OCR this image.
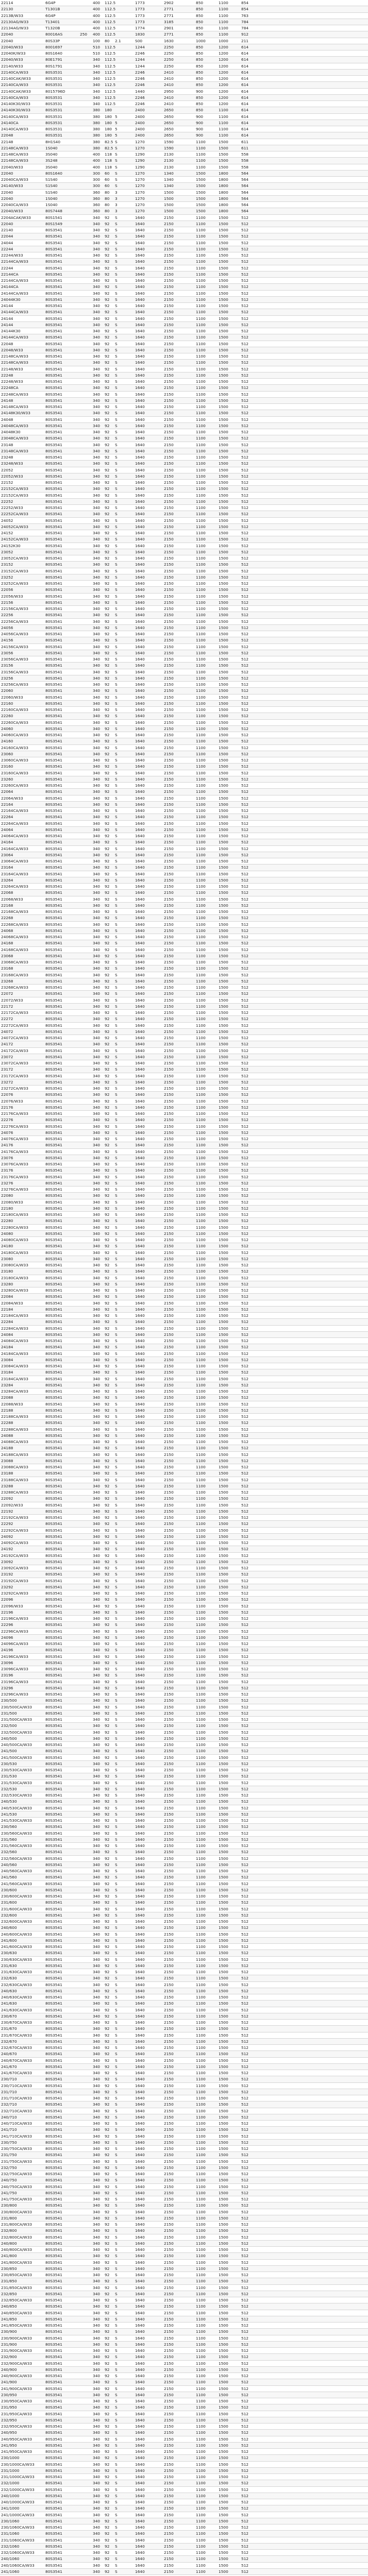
22114	6G4P	400	112.5	1773	2902	850	1100	854
22130	T1301B	400	112.5	1773	2771	850	1100	854
2213B/W33	6G4P	400	112.5	1773	2771	850	1100	763
22130AG/W33	T13401	400	112.5	1773	3185	850	1100	784
22134AG/W33	T1320B	400	112.5	1774	2901	850	1100	784
22040	80016AS	250	400	112.5	1830	2771	850	1100	912
22040	80S33P	100	80	2.1	S00	1630	1000	1000	211
22040/W33	8001697	510	112.5	1244	2250	850	1200	614
22040K/W33	80S1640	510	112.5	2246	2250	850	1200	614
22040/W33	80E1791	340	112.5	1244	2250	850	1200	614
22140/W33	80S1791	340	112.5	1244	2250	850	1200	614
22140CA/W33	80S3531	340	112.5	2246	2410	850	1200	614
22140CAK/W33	80S3531	340	112.5	2246	2410	850	1200	614
22140CA/W33	80S3531	340	112.5	2246	2410	850	1200	614
22140CAK/W33	8015796D	340	112.5	1440	2950	900	1200	614
22140CA/W33	80S3531	340	112.5	2246	2410	850	1200	614
24140K30/W33	80S3531	340	112.5	2246	2410	850	1200	614
24140K30/W33	80S3531	380	180	2400	2650	850	1100	614
24140CA/W33	80S3531	380	180 5	2400	2650	900	1100	614
24140CA	80S3531	380	180 5	2400	2650	900	1100	614
24140CA/W33	80S3531	380	180 5	2400	2650	900	1100	614
22048	80S3531	380	180 5	2400	2650	900	1100	614
22148	8H1S40	380	82.5 S	1270	1590	1100	1500	611
22148CA/W33	1S040	380	82.5 S	1270	1590	1100	1500	611
22148CA/W33	3S040	400	118 S	1290	2130	1100	1500	558
22148CA/W33	3S248	400	118 S	1290	2130	1100	1500	558
22040/W33	3S040	400	118 S	1290	2130	1100	1500	558
22040	80S1640	300	60	S	1270	1340	1500	1800	564
22040CA/W33	S1S40	300	60	S	1270	1340	1500	1800	564
24140/W33	S1S40	300	60	S	1270	1340	1500	1800	564
22040	S1S40	360	80	3	1270	1500	1500	1800	564
22040	1S040	360	80	3	1270	1500	1500	1800	564
22040CA/W33	1S040	360	80	3	1270	1500	1500	1800	564
22040/W33	80S7448	360	80	3	1270	1500	1500	1800	564
2204ACAK/W33	80S1541	340	92	S	1640	2150	1100	1500	512
22040	80S1549	340	92	S	1640	2150	1100	1500	512
22140	80S3541	340	92	S	1640	2150	1100	1500	512
22044	80S3541	340	92	S	1640	2150	1100	1500	512
24044	80S3541	340	92	S	1640	2150	1100	1500	512
22244	80S3541	340	92	S	1640	2150	1100	1500	512
22244/W33	80S3541	340	92	S	1640	2150	1100	1500	512
22144CA/W33	80S3541	340	92	S	1640	2150	1100	1500	512
22244	80S3541	340	92	S	1640	2150	1100	1500	512
22144CA	80S3541	340	92	S	1640	2150	1100	1500	512
22144CA/W33	80S3541	340	92	S	1640	2150	1100	1500	512
24144CA	80S3541	340	92	S	1640	2150	1100	1500	512
24144CA/W33	80S3541	340	92	S	1640	2150	1100	1500	512
24044K30	80S3541	340	92	S	1640	2150	1100	1500	512
24144	80S3541	340	92	S	1640	2150	1100	1500	512
24144CA/W33	80S3541	340	92	S	1640	2150	1100	1500	512
24144	80S3541	340	92	S	1640	2150	1100	1500	512
24144	80S3541	340	92	S	1640	2150	1100	1500	512
24144K30	80S3541	340	92	S	1640	2150	1100	1500	512
24144CA/W33	80S3541	340	92	S	1640	2150	1100	1500	512
22048	80S3541	340	92	S	1640	2150	1100	1500	512
22048/W33	80S3541	340	92	S	1640	2150	1100	1500	512
22148CA/W33	80S3541	340	92	S	1640	2150	1100	1500	512
22148CA/W33	80S3541	340	92	S	1640	2150	1100	1500	512
22148/W33	80S3541	340	92	S	1640	2150	1100	1500	512
22248	80S3541	340	92	S	1640	2150	1100	1500	512
22248/W33	80S3541	340	92	S	1640	2150	1100	1500	512
22248CA	80S3541	340	92	S	1640	2150	1100	1500	512
22248CA/W33	80S3541	340	92	S	1640	2150	1100	1500	512
24148	80S3541	340	92	S	1640	2150	1100	1500	512
24148CA/W33	80S3541	340	92	S	1640	2150	1100	1500	512
24148K30/W33	80S3541	340	92	S	1640	2150	1100	1500	512
24048	80S3541	340	92	S	1640	2150	1100	1500	512
24048CA/W33	80S3541	340	92	S	1640	2150	1100	1500	512
24048K30	80S3541	340	92	S	1640	2150	1100	1500	512
23048CA/W33	80S3541	340	92	S	1640	2150	1100	1500	512
23148	80S3541	340	92	S	1640	2150	1100	1500	512
23148CA/W33	80S3541	340	92	S	1640	2150	1100	1500	512
23248	80S3541	340	92	S	1640	2150	1100	1500	512
23248/W33	80S3541	340	92	S	1640	2150	1100	1500	512
22052	80S3541	340	92	S	1640	2150	1100	1500	512
22052/W33	80S3541	340	92	S	1640	2150	1100	1500	512
22152	80S3541	340	92	S	1640	2150	1100	1500	512
22152CA/W33	80S3541	340	92	S	1640	2150	1100	1500	512
22152CA/W33	80S3541	340	92	S	1640	2150	1100	1500	512
22252	80S3541	340	92	S	1640	2150	1100	1500	512
22252/W33	80S3541	340	92	S	1640	2150	1100	1500	512
22252CA/W33	80S3541	340	92	S	1640	2150	1100	1500	512
24052	80S3541	340	92	S	1640	2150	1100	1500	512
24052CA/W33	80S3541	340	92	S	1640	2150	1100	1500	512
24152	80S3541	340	92	S	1640	2150	1100	1500	512
24152CA/W33	80S3541	340	92	S	1640	2150	1100	1500	512
24152K30	80S3541	340	92	S	1640	2150	1100	1500	512
23052	80S3541	340	92	S	1640	2150	1100	1500	512
23052CA/W33	80S3541	340	92	S	1640	2150	1100	1500	512
23152	80S3541	340	92	S	1640	2150	1100	1500	512
23152CA/W33	80S3541	340	92	S	1640	2150	1100	1500	512
23252	80S3541	340	92	S	1640	2150	1100	1500	512
23252CA/W33	80S3541	340	92	S	1640	2150	1100	1500	512
22056	80S3541	340	92	S	1640	2150	1100	1500	512
22056/W33	80S3541	340	92	S	1640	2150	1100	1500	512
22156	80S3541	340	92	S	1640	2150	1100	1500	512
22156CA/W33	80S3541	340	92	S	1640	2150	1100	1500	512
22256	80S3541	340	92	S	1640	2150	1100	1500	512
22256CA/W33	80S3541	340	92	S	1640	2150	1100	1500	512
24056	80S3541	340	92	S	1640	2150	1100	1500	512
24056CA/W33	80S3541	340	92	S	1640	2150	1100	1500	512
24156	80S3541	340	92	S	1640	2150	1100	1500	512
24156CA/W33	80S3541	340	92	S	1640	2150	1100	1500	512
23056	80S3541	340	92	S	1640	2150	1100	1500	512
23056CA/W33	80S3541	340	92	S	1640	2150	1100	1500	512
23156	80S3541	340	92	S	1640	2150	1100	1500	512
23156CA/W33	80S3541	340	92	S	1640	2150	1100	1500	512
23256	80S3541	340	92	S	1640	2150	1100	1500	512
23256CA/W33	80S3541	340	92	S	1640	2150	1100	1500	512
22060	80S3541	340	92	S	1640	2150	1100	1500	512
22060/W33	80S3541	340	92	S	1640	2150	1100	1500	512
22160	80S3541	340	92	S	1640	2150	1100	1500	512
22160CA/W33	80S3541	340	92	S	1640	2150	1100	1500	512
22260	80S3541	340	92	S	1640	2150	1100	1500	512
22260CA/W33	80S3541	340	92	S	1640	2150	1100	1500	512
24060	80S3541	340	92	S	1640	2150	1100	1500	512
24060CA/W33	80S3541	340	92	S	1640	2150	1100	1500	512
24160	80S3541	340	92	S	1640	2150	1100	1500	512
24160CA/W33	80S3541	340	92	S	1640	2150	1100	1500	512
23060	80S3541	340	92	S	1640	2150	1100	1500	512
23060CA/W33	80S3541	340	92	S	1640	2150	1100	1500	512
23160	80S3541	340	92	S	1640	2150	1100	1500	512
23160CA/W33	80S3541	340	92	S	1640	2150	1100	1500	512
23260	80S3541	340	92	S	1640	2150	1100	1500	512
23260CA/W33	80S3541	340	92	S	1640	2150	1100	1500	512
22064	80S3541	340	92	S	1640	2150	1100	1500	512
22064/W33	80S3541	340	92	S	1640	2150	1100	1500	512
22164	80S3541	340	92	S	1640	2150	1100	1500	512
22164CA/W33	80S3541	340	92	S	1640	2150	1100	1500	512
22264	80S3541	340	92	S	1640	2150	1100	1500	512
22264CA/W33	80S3541	340	92	S	1640	2150	1100	1500	512
24064	80S3541	340	92	S	1640	2150	1100	1500	512
24064CA/W33	80S3541	340	92	S	1640	2150	1100	1500	512
24164	80S3541	340	92	S	1640	2150	1100	1500	512
24164CA/W33	80S3541	340	92	S	1640	2150	1100	1500	512
23064	80S3541	340	92	S	1640	2150	1100	1500	512
23064CA/W33	80S3541	340	92	S	1640	2150	1100	1500	512
23164	80S3541	340	92	S	1640	2150	1100	1500	512
23164CA/W33	80S3541	340	92	S	1640	2150	1100	1500	512
23264	80S3541	340	92	S	1640	2150	1100	1500	512
23264CA/W33	80S3541	340	92	S	1640	2150	1100	1500	512
22068	80S3541	340	92	S	1640	2150	1100	1500	512
22068/W33	80S3541	340	92	S	1640	2150	1100	1500	512
22168	80S3541	340	92	S	1640	2150	1100	1500	512
22168CA/W33	80S3541	340	92	S	1640	2150	1100	1500	512
22268	80S3541	340	92	S	1640	2150	1100	1500	512
22268CA/W33	80S3541	340	92	S	1640	2150	1100	1500	512
24068	80S3541	340	92	S	1640	2150	1100	1500	512
24068CA/W33	80S3541	340	92	S	1640	2150	1100	1500	512
24168	80S3541	340	92	S	1640	2150	1100	1500	512
24168CA/W33	80S3541	340	92	S	1640	2150	1100	1500	512
23068	80S3541	340	92	S	1640	2150	1100	1500	512
23068CA/W33	80S3541	340	92	S	1640	2150	1100	1500	512
23168	80S3541	340	92	S	1640	2150	1100	1500	512
23168CA/W33	80S3541	340	92	S	1640	2150	1100	1500	512
23268	80S3541	340	92	S	1640	2150	1100	1500	512
23268CA/W33	80S3541	340	92	S	1640	2150	1100	1500	512
22072	80S3541	340	92	S	1640	2150	1100	1500	512
22072/W33	80S3541	340	92	S	1640	2150	1100	1500	512
22172	80S3541	340	92	S	1640	2150	1100	1500	512
22172CA/W33	80S3541	340	92	S	1640	2150	1100	1500	512
22272	80S3541	340	92	S	1640	2150	1100	1500	512
22272CA/W33	80S3541	340	92	S	1640	2150	1100	1500	512
24072	80S3541	340	92	S	1640	2150	1100	1500	512
24072CA/W33	80S3541	340	92	S	1640	2150	1100	1500	512
24172	80S3541	340	92	S	1640	2150	1100	1500	512
24172CA/W33	80S3541	340	92	S	1640	2150	1100	1500	512
23072	80S3541	340	92	S	1640	2150	1100	1500	512
23072CA/W33	80S3541	340	92	S	1640	2150	1100	1500	512
23172	80S3541	340	92	S	1640	2150	1100	1500	512
23172CA/W33	80S3541	340	92	S	1640	2150	1100	1500	512
23272	80S3541	340	92	S	1640	2150	1100	1500	512
23272CA/W33	80S3541	340	92	S	1640	2150	1100	1500	512
22076	80S3541	340	92	S	1640	2150	1100	1500	512
22076/W33	80S3541	340	92	S	1640	2150	1100	1500	512
22176	80S3541	340	92	S	1640	2150	1100	1500	512
22176CA/W33	80S3541	340	92	S	1640	2150	1100	1500	512
22276	80S3541	340	92	S	1640	2150	1100	1500	512
22276CA/W33	80S3541	340	92	S	1640	2150	1100	1500	512
24076	80S3541	340	92	S	1640	2150	1100	1500	512
24076CA/W33	80S3541	340	92	S	1640	2150	1100	1500	512
24176	80S3541	340	92	S	1640	2150	1100	1500	512
24176CA/W33	80S3541	340	92	S	1640	2150	1100	1500	512
23076	80S3541	340	92	S	1640	2150	1100	1500	512
23076CA/W33	80S3541	340	92	S	1640	2150	1100	1500	512
23176	80S3541	340	92	S	1640	2150	1100	1500	512
23176CA/W33	80S3541	340	92	S	1640	2150	1100	1500	512
23276	80S3541	340	92	S	1640	2150	1100	1500	512
23276CA/W33	80S3541	340	92	S	1640	2150	1100	1500	512
22080	80S3541	340	92	S	1640	2150	1100	1500	512
22080/W33	80S3541	340	92	S	1640	2150	1100	1500	512
22180	80S3541	340	92	S	1640	2150	1100	1500	512
22180CA/W33	80S3541	340	92	S	1640	2150	1100	1500	512
22280	80S3541	340	92	S	1640	2150	1100	1500	512
22280CA/W33	80S3541	340	92	S	1640	2150	1100	1500	512
24080	80S3541	340	92	S	1640	2150	1100	1500	512
24080CA/W33	80S3541	340	92	S	1640	2150	1100	1500	512
24180	80S3541	340	92	S	1640	2150	1100	1500	512
24180CA/W33	80S3541	340	92	S	1640	2150	1100	1500	512
23080	80S3541	340	92	S	1640	2150	1100	1500	512
23080CA/W33	80S3541	340	92	S	1640	2150	1100	1500	512
23180	80S3541	340	92	S	1640	2150	1100	1500	512
23180CA/W33	80S3541	340	92	S	1640	2150	1100	1500	512
23280	80S3541	340	92	S	1640	2150	1100	1500	512
23280CA/W33	80S3541	340	92	S	1640	2150	1100	1500	512
22084	80S3541	340	92	S	1640	2150	1100	1500	512
22084/W33	80S3541	340	92	S	1640	2150	1100	1500	512
22184	80S3541	340	92	S	1640	2150	1100	1500	512
22184CA/W33	80S3541	340	92	S	1640	2150	1100	1500	512
22284	80S3541	340	92	S	1640	2150	1100	1500	512
22284CA/W33	80S3541	340	92	S	1640	2150	1100	1500	512
24084	80S3541	340	92	S	1640	2150	1100	1500	512
24084CA/W33	80S3541	340	92	S	1640	2150	1100	1500	512
24184	80S3541	340	92	S	1640	2150	1100	1500	512
24184CA/W33	80S3541	340	92	S	1640	2150	1100	1500	512
23084	80S3541	340	92	S	1640	2150	1100	1500	512
23084CA/W33	80S3541	340	92	S	1640	2150	1100	1500	512
23184	80S3541	340	92	S	1640	2150	1100	1500	512
23184CA/W33	80S3541	340	92	S	1640	2150	1100	1500	512
23284	80S3541	340	92	S	1640	2150	1100	1500	512
23284CA/W33	80S3541	340	92	S	1640	2150	1100	1500	512
22088	80S3541	340	92	S	1640	2150	1100	1500	512
22088/W33	80S3541	340	92	S	1640	2150	1100	1500	512
22188	80S3541	340	92	S	1640	2150	1100	1500	512
22188CA/W33	80S3541	340	92	S	1640	2150	1100	1500	512
22288	80S3541	340	92	S	1640	2150	1100	1500	512
22288CA/W33	80S3541	340	92	S	1640	2150	1100	1500	512
24088	80S3541	340	92	S	1640	2150	1100	1500	512
24088CA/W33	80S3541	340	92	S	1640	2150	1100	1500	512
24188	80S3541	340	92	S	1640	2150	1100	1500	512
24188CA/W33	80S3541	340	92	S	1640	2150	1100	1500	512
23088	80S3541	340	92	S	1640	2150	1100	1500	512
23088CA/W33	80S3541	340	92	S	1640	2150	1100	1500	512
23188	80S3541	340	92	S	1640	2150	1100	1500	512
23188CA/W33	80S3541	340	92	S	1640	2150	1100	1500	512
23288	80S3541	340	92	S	1640	2150	1100	1500	512
23288CA/W33	80S3541	340	92	S	1640	2150	1100	1500	512
22092	80S3541	340	92	S	1640	2150	1100	1500	512
22092/W33	80S3541	340	92	S	1640	2150	1100	1500	512
22192	80S3541	340	92	S	1640	2150	1100	1500	512
22192CA/W33	80S3541	340	92	S	1640	2150	1100	1500	512
22292	80S3541	340	92	S	1640	2150	1100	1500	512
22292CA/W33	80S3541	340	92	S	1640	2150	1100	1500	512
24092	80S3541	340	92	S	1640	2150	1100	1500	512
24092CA/W33	80S3541	340	92	S	1640	2150	1100	1500	512
24192	80S3541	340	92	S	1640	2150	1100	1500	512
24192CA/W33	80S3541	340	92	S	1640	2150	1100	1500	512
23092	80S3541	340	92	S	1640	2150	1100	1500	512
23092CA/W33	80S3541	340	92	S	1640	2150	1100	1500	512
23192	80S3541	340	92	S	1640	2150	1100	1500	512
23192CA/W33	80S3541	340	92	S	1640	2150	1100	1500	512
23292	80S3541	340	92	S	1640	2150	1100	1500	512
23292CA/W33	80S3541	340	92	S	1640	2150	1100	1500	512
22096	80S3541	340	92	S	1640	2150	1100	1500	512
22096/W33	80S3541	340	92	S	1640	2150	1100	1500	512
22196	80S3541	340	92	S	1640	2150	1100	1500	512
22196CA/W33	80S3541	340	92	S	1640	2150	1100	1500	512
22296	80S3541	340	92	S	1640	2150	1100	1500	512
22296CA/W33	80S3541	340	92	S	1640	2150	1100	1500	512
24096	80S3541	340	92	S	1640	2150	1100	1500	512
24096CA/W33	80S3541	340	92	S	1640	2150	1100	1500	512
24196	80S3541	340	92	S	1640	2150	1100	1500	512
24196CA/W33	80S3541	340	92	S	1640	2150	1100	1500	512
23096	80S3541	340	92	S	1640	2150	1100	1500	512
23096CA/W33	80S3541	340	92	S	1640	2150	1100	1500	512
23196	80S3541	340	92	S	1640	2150	1100	1500	512
23196CA/W33	80S3541	340	92	S	1640	2150	1100	1500	512
23296	80S3541	340	92	S	1640	2150	1100	1500	512
23296CA/W33	80S3541	340	92	S	1640	2150	1100	1500	512
230/500	80S3541	340	92	S	1640	2150	1100	1500	512
230/500CA/W33	80S3541	340	92	S	1640	2150	1100	1500	512
231/500	80S3541	340	92	S	1640	2150	1100	1500	512
231/500CA/W33	80S3541	340	92	S	1640	2150	1100	1500	512
232/500	80S3541	340	92	S	1640	2150	1100	1500	512
232/500CA/W33	80S3541	340	92	S	1640	2150	1100	1500	512
240/500	80S3541	340	92	S	1640	2150	1100	1500	512
240/500CA/W33	80S3541	340	92	S	1640	2150	1100	1500	512
241/500	80S3541	340	92	S	1640	2150	1100	1500	512
241/500CA/W33	80S3541	340	92	S	1640	2150	1100	1500	512
230/530	80S3541	340	92	S	1640	2150	1100	1500	512
230/530CA/W33	80S3541	340	92	S	1640	2150	1100	1500	512
231/530	80S3541	340	92	S	1640	2150	1100	1500	512
231/530CA/W33	80S3541	340	92	S	1640	2150	1100	1500	512
232/530	80S3541	340	92	S	1640	2150	1100	1500	512
232/530CA/W33	80S3541	340	92	S	1640	2150	1100	1500	512
240/530	80S3541	340	92	S	1640	2150	1100	1500	512
240/530CA/W33	80S3541	340	92	S	1640	2150	1100	1500	512
241/530	80S3541	340	92	S	1640	2150	1100	1500	512
241/530CA/W33	80S3541	340	92	S	1640	2150	1100	1500	512
230/560	80S3541	340	92	S	1640	2150	1100	1500	512
230/560CA/W33	80S3541	340	92	S	1640	2150	1100	1500	512
231/560	80S3541	340	92	S	1640	2150	1100	1500	512
231/560CA/W33	80S3541	340	92	S	1640	2150	1100	1500	512
232/560	80S3541	340	92	S	1640	2150	1100	1500	512
232/560CA/W33	80S3541	340	92	S	1640	2150	1100	1500	512
240/560	80S3541	340	92	S	1640	2150	1100	1500	512
240/560CA/W33	80S3541	340	92	S	1640	2150	1100	1500	512
241/560	80S3541	340	92	S	1640	2150	1100	1500	512
241/560CA/W33	80S3541	340	92	S	1640	2150	1100	1500	512
230/600	80S3541	340	92	S	1640	2150	1100	1500	512
230/600CA/W33	80S3541	340	92	S	1640	2150	1100	1500	512
231/600	80S3541	340	92	S	1640	2150	1100	1500	512
231/600CA/W33	80S3541	340	92	S	1640	2150	1100	1500	512
232/600	80S3541	340	92	S	1640	2150	1100	1500	512
232/600CA/W33	80S3541	340	92	S	1640	2150	1100	1500	512
240/600	80S3541	340	92	S	1640	2150	1100	1500	512
240/600CA/W33	80S3541	340	92	S	1640	2150	1100	1500	512
241/600	80S3541	340	92	S	1640	2150	1100	1500	512
241/600CA/W33	80S3541	340	92	S	1640	2150	1100	1500	512
230/630	80S3541	340	92	S	1640	2150	1100	1500	512
230/630CA/W33	80S3541	340	92	S	1640	2150	1100	1500	512
231/630	80S3541	340	92	S	1640	2150	1100	1500	512
231/630CA/W33	80S3541	340	92	S	1640	2150	1100	1500	512
232/630	80S3541	340	92	S	1640	2150	1100	1500	512
232/630CA/W33	80S3541	340	92	S	1640	2150	1100	1500	512
240/630	80S3541	340	92	S	1640	2150	1100	1500	512
240/630CA/W33	80S3541	340	92	S	1640	2150	1100	1500	512
241/630	80S3541	340	92	S	1640	2150	1100	1500	512
241/630CA/W33	80S3541	340	92	S	1640	2150	1100	1500	512
230/670	80S3541	340	92	S	1640	2150	1100	1500	512
230/670CA/W33	80S3541	340	92	S	1640	2150	1100	1500	512
231/670	80S3541	340	92	S	1640	2150	1100	1500	512
231/670CA/W33	80S3541	340	92	S	1640	2150	1100	1500	512
232/670	80S3541	340	92	S	1640	2150	1100	1500	512
232/670CA/W33	80S3541	340	92	S	1640	2150	1100	1500	512
240/670	80S3541	340	92	S	1640	2150	1100	1500	512
240/670CA/W33	80S3541	340	92	S	1640	2150	1100	1500	512
241/670	80S3541	340	92	S	1640	2150	1100	1500	512
241/670CA/W33	80S3541	340	92	S	1640	2150	1100	1500	512
230/710	80S3541	340	92	S	1640	2150	1100	1500	512
230/710CA/W33	80S3541	340	92	S	1640	2150	1100	1500	512
231/710	80S3541	340	92	S	1640	2150	1100	1500	512
231/710CA/W33	80S3541	340	92	S	1640	2150	1100	1500	512
232/710	80S3541	340	92	S	1640	2150	1100	1500	512
232/710CA/W33	80S3541	340	92	S	1640	2150	1100	1500	512
240/710	80S3541	340	92	S	1640	2150	1100	1500	512
240/710CA/W33	80S3541	340	92	S	1640	2150	1100	1500	512
241/710	80S3541	340	92	S	1640	2150	1100	1500	512
241/710CA/W33	80S3541	340	92	S	1640	2150	1100	1500	512
230/750	80S3541	340	92	S	1640	2150	1100	1500	512
230/750CA/W33	80S3541	340	92	S	1640	2150	1100	1500	512
231/750	80S3541	340	92	S	1640	2150	1100	1500	512
231/750CA/W33	80S3541	340	92	S	1640	2150	1100	1500	512
232/750	80S3541	340	92	S	1640	2150	1100	1500	512
232/750CA/W33	80S3541	340	92	S	1640	2150	1100	1500	512
240/750	80S3541	340	92	S	1640	2150	1100	1500	512
240/750CA/W33	80S3541	340	92	S	1640	2150	1100	1500	512
241/750	80S3541	340	92	S	1640	2150	1100	1500	512
241/750CA/W33	80S3541	340	92	S	1640	2150	1100	1500	512
230/800	80S3541	340	92	S	1640	2150	1100	1500	512
230/800CA/W33	80S3541	340	92	S	1640	2150	1100	1500	512
231/800	80S3541	340	92	S	1640	2150	1100	1500	512
231/800CA/W33	80S3541	340	92	S	1640	2150	1100	1500	512
232/800	80S3541	340	92	S	1640	2150	1100	1500	512
232/800CA/W33	80S3541	340	92	S	1640	2150	1100	1500	512
240/800	80S3541	340	92	S	1640	2150	1100	1500	512
240/800CA/W33	80S3541	340	92	S	1640	2150	1100	1500	512
241/800	80S3541	340	92	S	1640	2150	1100	1500	512
241/800CA/W33	80S3541	340	92	S	1640	2150	1100	1500	512
230/850	80S3541	340	92	S	1640	2150	1100	1500	512
230/850CA/W33	80S3541	340	92	S	1640	2150	1100	1500	512
231/850	80S3541	340	92	S	1640	2150	1100	1500	512
231/850CA/W33	80S3541	340	92	S	1640	2150	1100	1500	512
232/850	80S3541	340	92	S	1640	2150	1100	1500	512
232/850CA/W33	80S3541	340	92	S	1640	2150	1100	1500	512
240/850	80S3541	340	92	S	1640	2150	1100	1500	512
240/850CA/W33	80S3541	340	92	S	1640	2150	1100	1500	512
241/850	80S3541	340	92	S	1640	2150	1100	1500	512
241/850CA/W33	80S3541	340	92	S	1640	2150	1100	1500	512
230/900	80S3541	340	92	S	1640	2150	1100	1500	512
230/900CA/W33	80S3541	340	92	S	1640	2150	1100	1500	512
231/900	80S3541	340	92	S	1640	2150	1100	1500	512
231/900CA/W33	80S3541	340	92	S	1640	2150	1100	1500	512
232/900	80S3541	340	92	S	1640	2150	1100	1500	512
232/900CA/W33	80S3541	340	92	S	1640	2150	1100	1500	512
240/900	80S3541	340	92	S	1640	2150	1100	1500	512
240/900CA/W33	80S3541	340	92	S	1640	2150	1100	1500	512
241/900	80S3541	340	92	S	1640	2150	1100	1500	512
241/900CA/W33	80S3541	340	92	S	1640	2150	1100	1500	512
230/950	80S3541	340	92	S	1640	2150	1100	1500	512
230/950CA/W33	80S3541	340	92	S	1640	2150	1100	1500	512
231/950	80S3541	340	92	S	1640	2150	1100	1500	512
231/950CA/W33	80S3541	340	92	S	1640	2150	1100	1500	512
232/950	80S3541	340	92	S	1640	2150	1100	1500	512
232/950CA/W33	80S3541	340	92	S	1640	2150	1100	1500	512
240/950	80S3541	340	92	S	1640	2150	1100	1500	512
240/950CA/W33	80S3541	340	92	S	1640	2150	1100	1500	512
241/950	80S3541	340	92	S	1640	2150	1100	1500	512
241/950CA/W33	80S3541	340	92	S	1640	2150	1100	1500	512
230/1000	80S3541	340	92	S	1640	2150	1100	1500	512
230/1000CA/W33	80S3541	340	92	S	1640	2150	1100	1500	512
231/1000	80S3541	340	92	S	1640	2150	1100	1500	512
231/1000CA/W33	80S3541	340	92	S	1640	2150	1100	1500	512
232/1000	80S3541	340	92	S	1640	2150	1100	1500	512
232/1000CA/W33	80S3541	340	92	S	1640	2150	1100	1500	512
240/1000	80S3541	340	92	S	1640	2150	1100	1500	512
240/1000CA/W33	80S3541	340	92	S	1640	2150	1100	1500	512
241/1000	80S3541	340	92	S	1640	2150	1100	1500	512
241/1000CA/W33	80S3541	340	92	S	1640	2150	1100	1500	512
230/1060	80S3541	340	92	S	1640	2150	1100	1500	512
230/1060CA/W33	80S3541	340	92	S	1640	2150	1100	1500	512
231/1060	80S3541	340	92	S	1640	2150	1100	1500	512
231/1060CA/W33	80S3541	340	92	S	1640	2150	1100	1500	512
232/1060	80S3541	340	92	S	1640	2150	1100	1500	512
232/1060CA/W33	80S3541	340	92	S	1640	2150	1100	1500	512
240/1060	80S3541	340	92	S	1640	2150	1100	1500	512
240/1060CA/W33	80S3541	340	92	S	1640	2150	1100	1500	512
241/1060	80S3541	340	92	S	1640	2150	1100	1500	512
